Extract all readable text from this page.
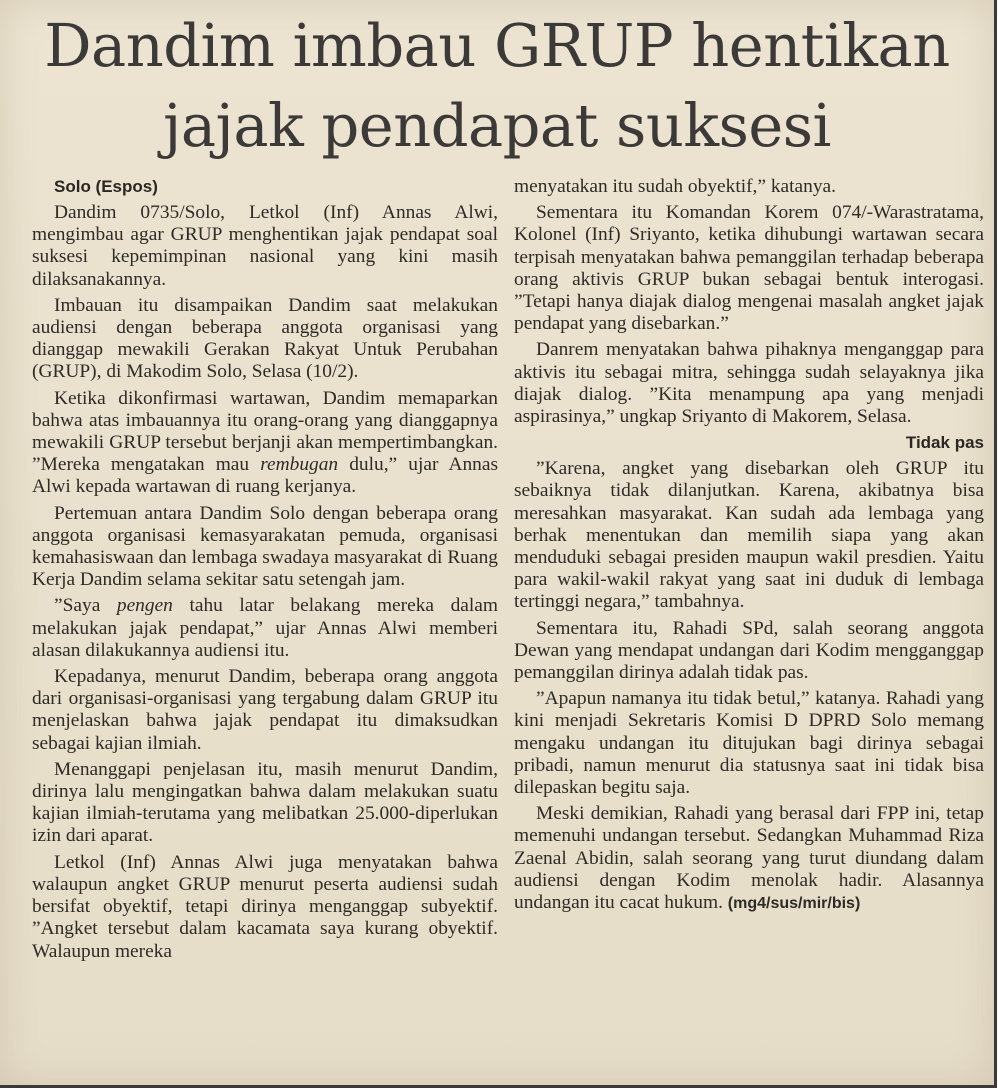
Dandim imbau GRUP hentikan
jajak pendapat suksesi

Solo (Espos)

Dandim 0735/Solo, Letkol (Inf) Annas Alwi, mengimbau agar GRUP menghentikan jajak pendapat soal suksesi kepemimpinan nasional yang kini masih dilaksanakannya.

Imbauan itu disampaikan Dandim saat melakukan audiensi dengan beberapa anggota organisasi yang dianggap mewakili Gerakan Rakyat Untuk Perubahan (GRUP), di Makodim Solo, Selasa (10/2).

Ketika dikonfirmasi wartawan, Dandim memaparkan bahwa atas imbauannya itu orang-orang yang dianggapnya mewakili GRUP tersebut berjanji akan mempertimbangkan. ”Mereka mengatakan mau rembugan dulu,” ujar Annas Alwi kepada wartawan di ruang kerjanya.

Pertemuan antara Dandim Solo dengan beberapa orang anggota organisasi kemasyarakatan pemuda, organisasi kemahasiswaan dan lembaga swadaya masyarakat di Ruang Kerja Dandim selama sekitar satu setengah jam.

”Saya pengen tahu latar belakang mereka dalam melakukan jajak pendapat,” ujar Annas Alwi memberi alasan dilakukannya audiensi itu.

Kepadanya, menurut Dandim, beberapa orang anggota dari organisasi-organisasi yang tergabung dalam GRUP itu menjelaskan bahwa jajak pendapat itu dimaksudkan sebagai kajian ilmiah.

Menanggapi penjelasan itu, masih menurut Dandim, dirinya lalu mengingatkan bahwa dalam melakukan suatu kajian ilmiah-terutama yang melibatkan 25.000-diperlukan izin dari aparat.

Letkol (Inf) Annas Alwi juga menyatakan bahwa walaupun angket GRUP menurut peserta audiensi sudah bersifat obyektif, tetapi dirinya menganggap subyektif. ”Angket tersebut dalam kacamata saya kurang obyektif. Walaupun mereka

menyatakan itu sudah obyektif,” katanya.

Sementara itu Komandan Korem 074/-Warastratama, Kolonel (Inf) Sriyanto, ketika dihubungi wartawan secara terpisah menyatakan bahwa pemanggilan terhadap beberapa orang aktivis GRUP bukan sebagai bentuk interogasi. ”Tetapi hanya diajak dialog mengenai masalah angket jajak pendapat yang disebarkan.”

Danrem menyatakan bahwa pihaknya menganggap para aktivis itu sebagai mitra, sehingga sudah selayaknya jika diajak dialog. ”Kita menampung apa yang menjadi aspirasinya,” ungkap Sriyanto di Makorem, Selasa.

Tidak pas

”Karena, angket yang disebarkan oleh GRUP itu sebaiknya tidak dilanjutkan. Karena, akibatnya bisa meresahkan masyarakat. Kan sudah ada lembaga yang berhak menentukan dan memilih siapa yang akan menduduki sebagai presiden maupun wakil presdien. Yaitu para wakil-wakil rakyat yang saat ini duduk di lembaga tertinggi negara,” tambahnya.

Sementara itu, Rahadi SPd, salah seorang anggota Dewan yang mendapat undangan dari Kodim mengganggap pemanggilan dirinya adalah tidak pas.

”Apapun namanya itu tidak betul,” katanya. Rahadi yang kini menjadi Sekretaris Komisi D DPRD Solo memang mengaku undangan itu ditujukan bagi dirinya sebagai pribadi, namun menurut dia statusnya saat ini tidak bisa dilepaskan begitu saja.

Meski demikian, Rahadi yang berasal dari FPP ini, tetap memenuhi undangan tersebut. Sedangkan Muhammad Riza Zaenal Abidin, salah seorang yang turut diundang dalam audiensi dengan Kodim menolak hadir. Alasannya undangan itu cacat hukum. (mg4/sus/mir/bis)
